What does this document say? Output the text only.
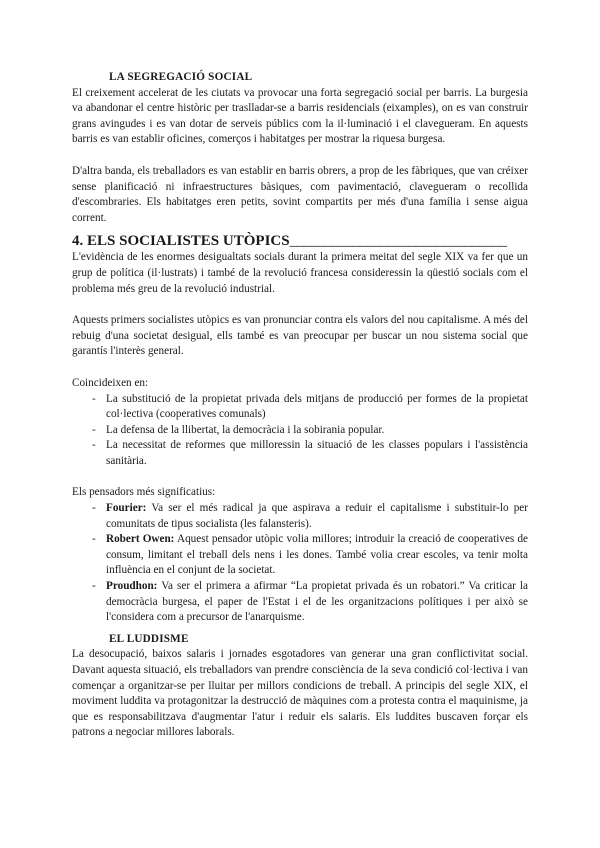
LA SEGREGACIÓ SOCIAL

El creixement accelerat de les ciutats va provocar una forta segregació social per barris. La burgesia va abandonar el centre històric per traslladar-se a barris residencials (eixamples), on es van construir grans avingudes i es van dotar de serveis públics com la il·luminació i el clavegueram. En aquests barris es van establir oficines, comerços i habitatges per mostrar la riquesa burgesa.

D'altra banda, els treballadors es van establir en barris obrers, a prop de les fàbriques, que van créixer sense planificació ni infraestructures bàsiques, com pavimentació, clavegueram o recollida d'escombraries. Els habitatges eren petits, sovint compartits per més d'una família i sense aigua corrent.

4. ELS SOCIALISTES UTÒPICS_______________________________

L'evidència de les enormes desigualtats socials durant la primera meitat del segle XIX va fer que un grup de política (il·lustrats) i també de la revolució francesa consideressin la qüestió socials com el problema més greu de la revolució industrial.

Aquests primers socialistes utòpics es van pronunciar contra els valors del nou capitalisme. A més del rebuig d'una societat desigual, ells també es van preocupar per buscar un nou sistema social que garantís l'interès general.

Coincideixen en:

- La substitució de la propietat privada dels mitjans de producció per formes de la propietat col·lectiva (cooperatives comunals)
- La defensa de la llibertat, la democràcia i la sobirania popular.
- La necessitat de reformes que milloressin la situació de les classes populars i l'assistència sanitària.

Els pensadors més significatius:

- Fourier: Va ser el més radical ja que aspirava a reduir el capitalisme i substituir-lo per comunitats de tipus socialista (les falansteris).
- Robert Owen: Aquest pensador utòpic volia millores; introduir la creació de cooperatives de consum, limitant el treball dels nens i les dones. També volia crear escoles, va tenir molta influència en el conjunt de la societat.
- Proudhon: Va ser el primera a afirmar “La propietat privada és un robatori.” Va criticar la democràcia burgesa, el paper de l'Estat i el de les organitzacions polítiques i per això se l'considera com a precursor de l'anarquisme.
EL LUDDISME

La desocupació, baixos salaris i jornades esgotadores van generar una gran conflictivitat social. Davant aquesta situació, els treballadors van prendre consciència de la seva condició col·lectiva i van començar a organitzar-se per lluitar per millors condicions de treball. A principis del segle XIX, el moviment luddita va protagonitzar la destrucció de màquines com a protesta contra el maquinisme, ja que es responsabilitzava d'augmentar l'atur i reduir els salaris. Els luddites buscaven forçar els patrons a negociar millores laborals.
